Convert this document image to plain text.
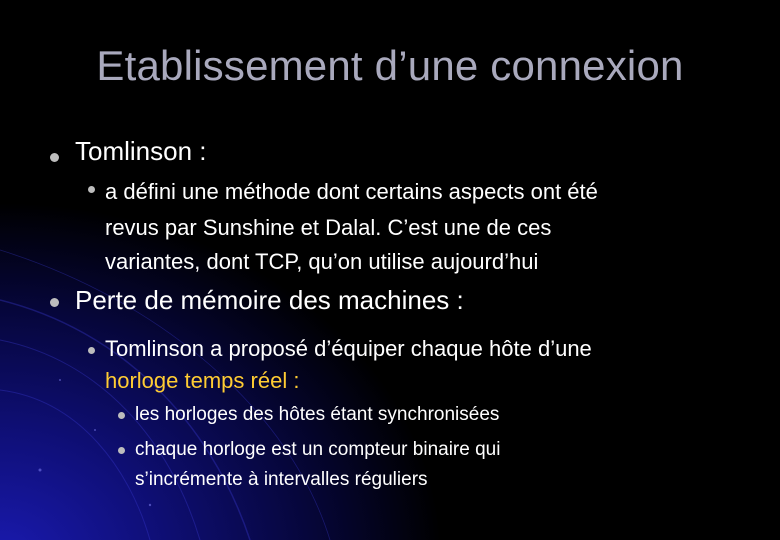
Etablissement d’une connexion
Tomlinson :
a défini une méthode dont certains aspects ont été
revus par Sunshine et Dalal. C’est une de ces
variantes, dont TCP, qu’on utilise aujourd’hui
Perte de mémoire des machines :
Tomlinson a proposé d’équiper chaque hôte d’une
horloge temps réel :
les horloges des hôtes étant synchronisées
chaque horloge est un compteur binaire qui
s’incrémente à intervalles réguliers
